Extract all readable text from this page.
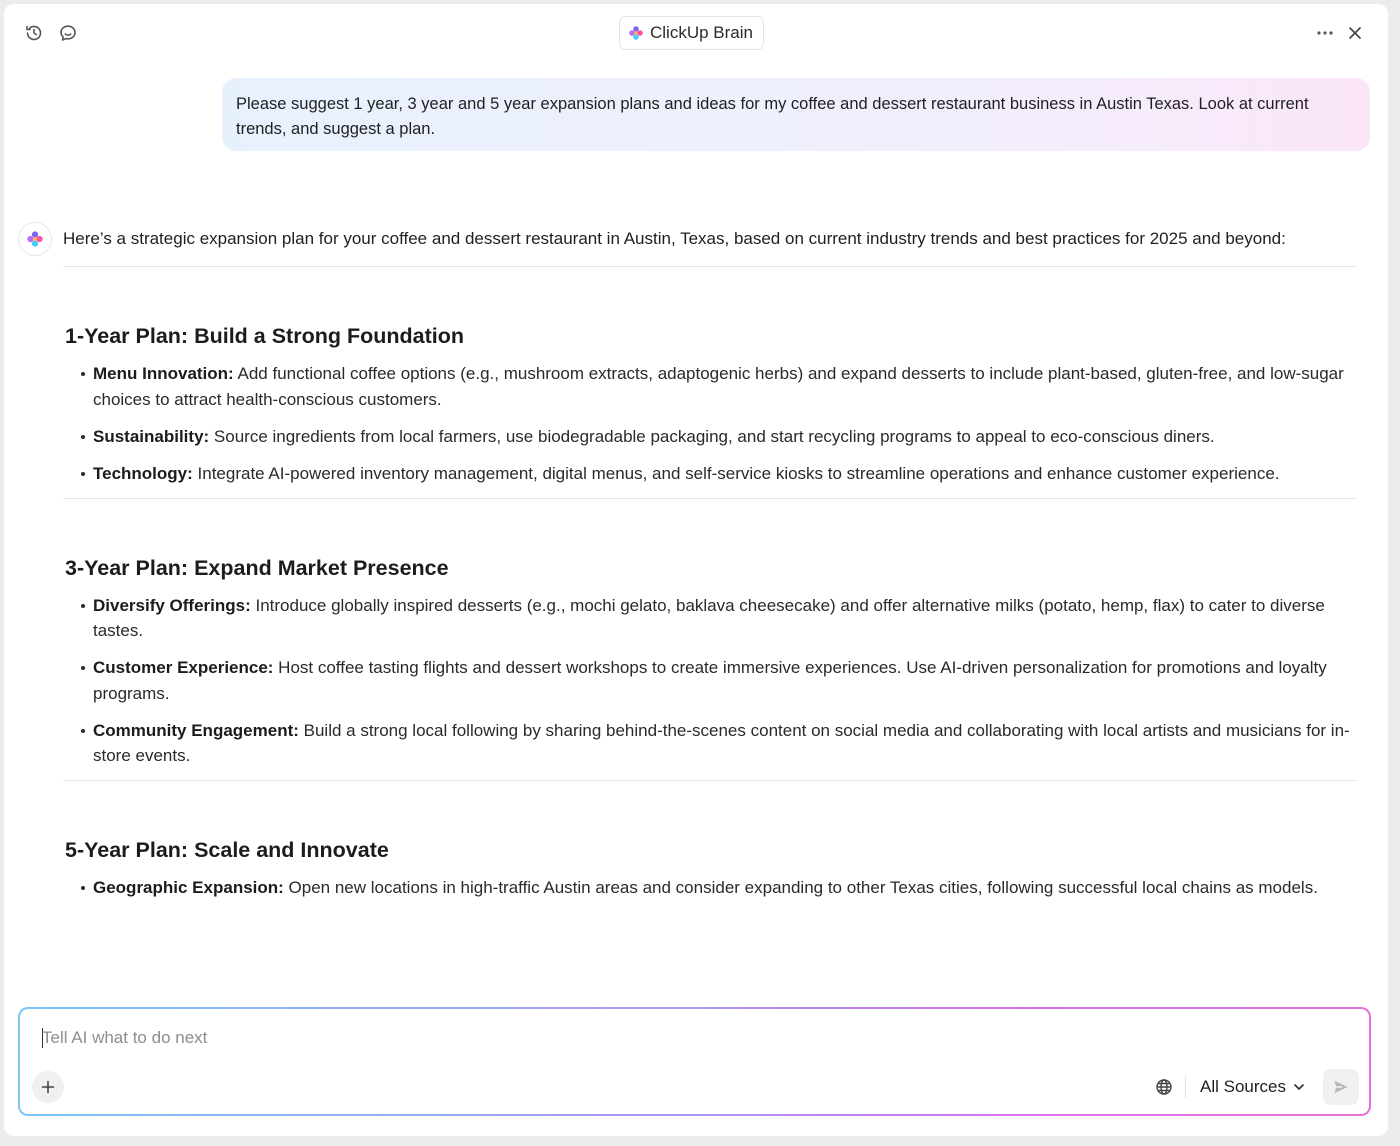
ClickUp Brain
Please suggest 1 year, 3 year and 5 year expansion plans and ideas for my coffee and dessert restaurant business in Austin Texas. Look at current trends, and suggest a plan.

Here’s a strategic expansion plan for your coffee and dessert restaurant in Austin, Texas, based on current industry trends and best practices for 2025 and beyond:

1-Year Plan: Build a Strong Foundation
Menu Innovation: Add functional coffee options (e.g., mushroom extracts, adaptogenic herbs) and expand desserts to include plant-based, gluten-free, and low-sugar choices to attract health-conscious customers.
Sustainability: Source ingredients from local farmers, use biodegradable packaging, and start recycling programs to appeal to eco-conscious diners.
Technology: Integrate AI-powered inventory management, digital menus, and self-service kiosks to streamline operations and enhance customer experience.
3-Year Plan: Expand Market Presence
Diversify Offerings: Introduce globally inspired desserts (e.g., mochi gelato, baklava cheesecake) and offer alternative milks (potato, hemp, flax) to cater to diverse tastes.
Customer Experience: Host coffee tasting flights and dessert workshops to create immersive experiences. Use AI-driven personalization for promotions and loyalty programs.
Community Engagement: Build a strong local following by sharing behind-the-scenes content on social media and collaborating with local artists and musicians for in-store events.
5-Year Plan: Scale and Innovate
Geographic Expansion: Open new locations in high-traffic Austin areas and consider expanding to other Texas cities, following successful local chains as models.
Tell AI what to do next
All Sources
